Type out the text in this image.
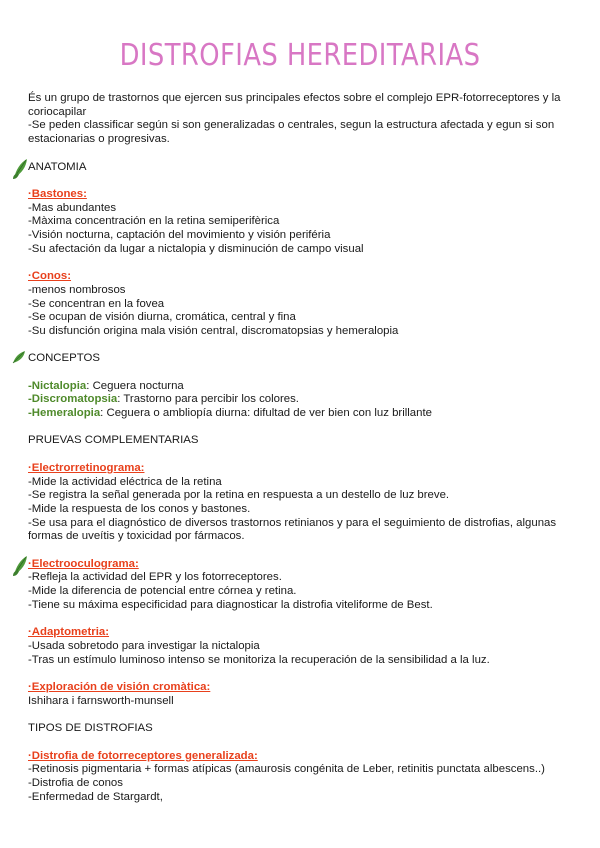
DISTROFIAS HEREDITARIAS

És un grupo de trastornos que ejercen sus principales efectos sobre el complejo EPR-fotorreceptores y la coriocapilar

-Se peden classificar según si son generalizadas o centrales, segun la estructura afectada y egun si son estacionarias o progresivas.

ANATOMIA

·Bastones:

-Mas abundantes

-Màxima concentración en la retina semiperifèrica

-Visión nocturna, captación del movimiento y visión periféria

-Su afectación da lugar a nictalopia y disminución de campo visual

·Conos:

-menos nombrosos

-Se concentran en la fovea

-Se ocupan de visión diurna, cromática, central y fina

-Su disfunción origina mala visión central, discromatopsias y hemeralopia

CONCEPTOS

-Nictalopia: Ceguera nocturna

-Discromatopsia: Trastorno para percibir los colores.

-Hemeralopia: Ceguera o ambliopía diurna: difultad de ver bien con luz brillante

PRUEVAS COMPLEMENTARIAS

·Electrorretinograma:

-Mide la actividad eléctrica de la retina

-Se registra la señal generada por la retina en respuesta a un destello de luz breve.

-Mide la respuesta de los conos y bastones.

-Se usa para el diagnóstico de diversos trastornos retinianos y para el seguimiento de distrofias, algunas formas de uveítis y toxicidad por fármacos.

·Electrooculograma:

-Refleja la actividad del EPR y los fotorreceptores.

-Mide la diferencia de potencial entre córnea y retina.

-Tiene su máxima especificidad para diagnosticar la distrofia viteliforme de Best.

·Adaptometria:

-Usada sobretodo para investigar la nictalopia

-Tras un estímulo luminoso intenso se monitoriza la recuperación de la sensibilidad a la luz.

·Exploración de visión cromàtica:

Ishihara i farnsworth-munsell

TIPOS DE DISTROFIAS

·Distrofia de fotorreceptores generalizada:

-Retinosis pigmentaria + formas atípicas (amaurosis congénita de Leber, retinitis punctata albescens..)

-Distrofia de conos

-Enfermedad de Stargardt,
